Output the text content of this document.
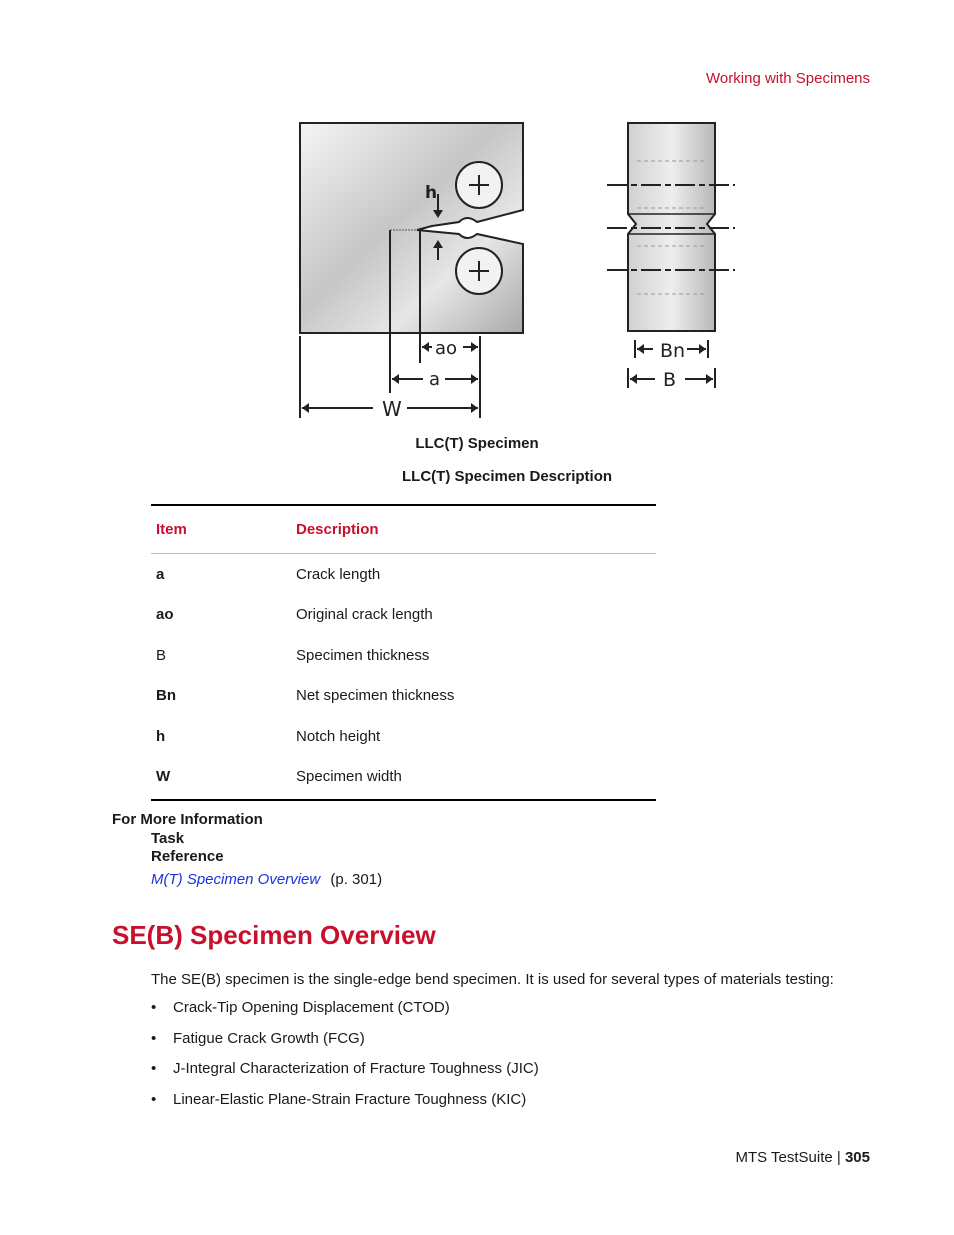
Working with Specimens
h
ao
a
W
Bn
B
LLC(T) Specimen
LLC(T) Specimen Description
Item	Description
a	Crack length
ao	Original crack length
B	Specimen thickness
Bn	Net specimen thickness
h	Notch height
W	Specimen width
For More Information
Task
Reference
M(T) Specimen Overview (p. 301)
SE(B) Specimen Overview
The SE(B) specimen is the single-edge bend specimen. It is used for several types of materials testing:
•	Crack-Tip Opening Displacement (CTOD)
•	Fatigue Crack Growth (FCG)
•	J-Integral Characterization of Fracture Toughness (JIC)
•	Linear-Elastic Plane-Strain Fracture Toughness (KIC)
MTS TestSuite | 305
